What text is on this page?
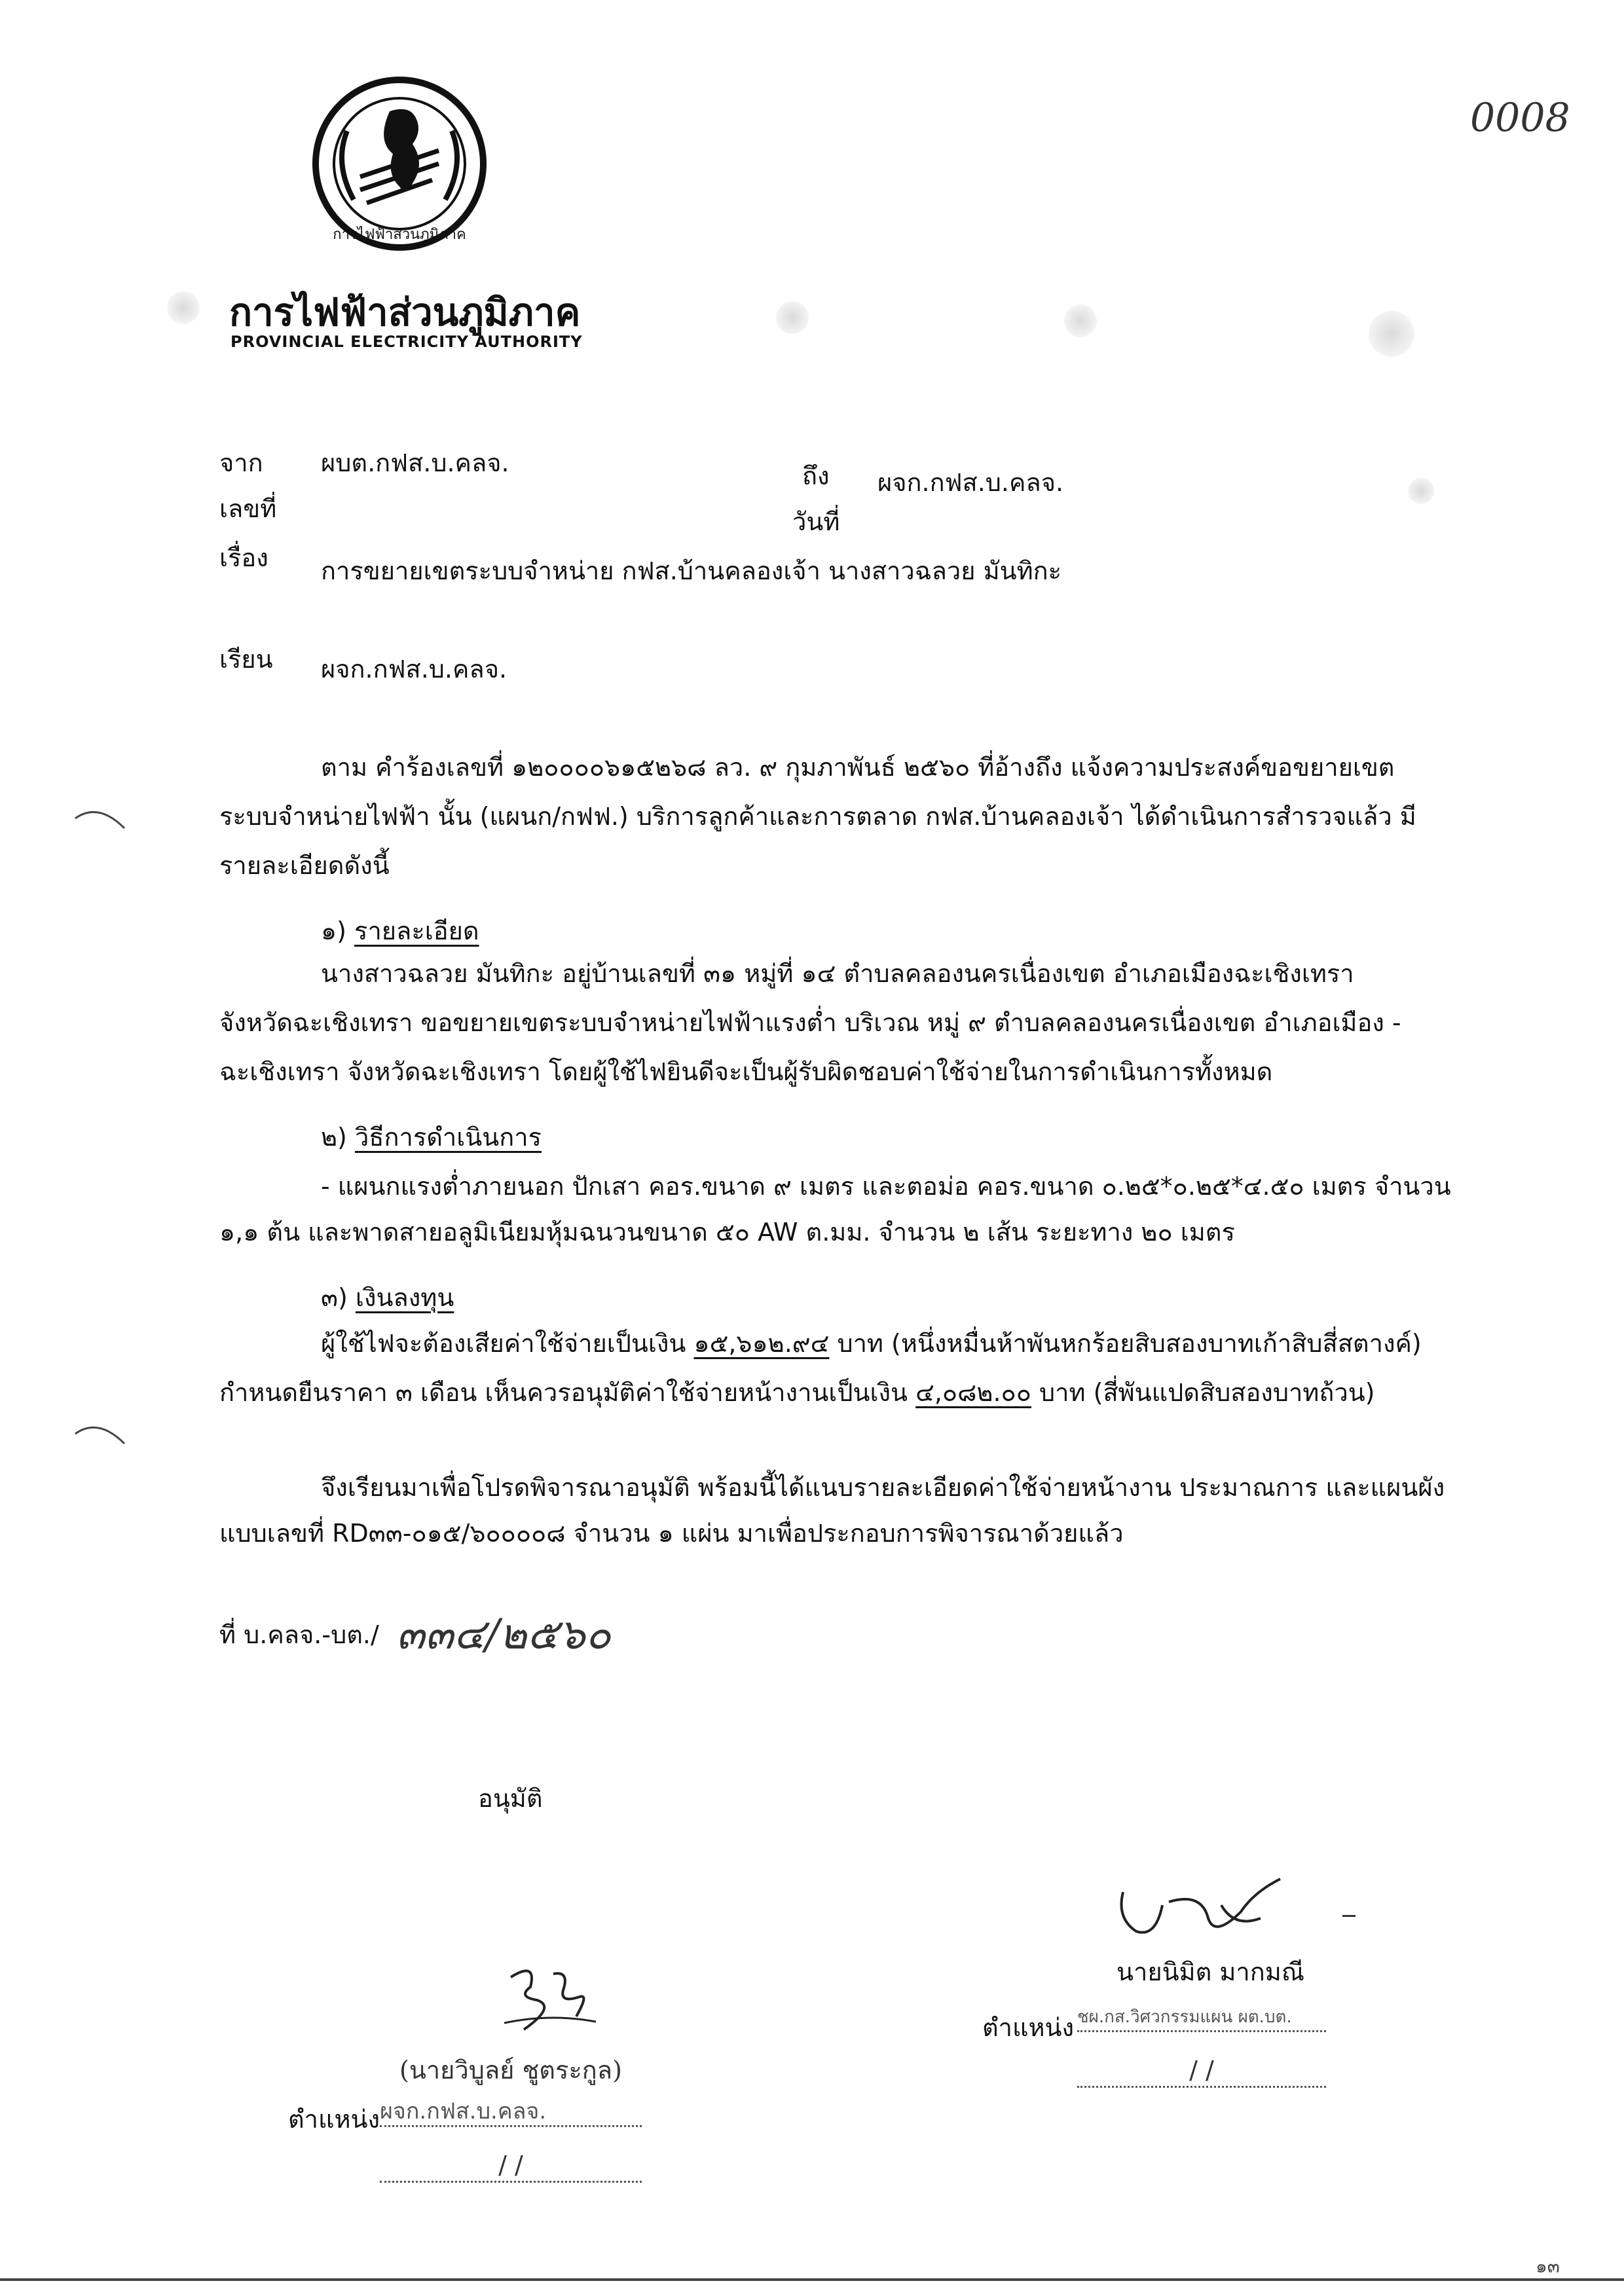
0008
การไฟฟ้าส่วนภูมิภาค
การไฟฟ้าส่วนภูมิภาค
PROVINCIAL ELECTRICITY AUTHORITY
จาก ผบต.กฟส.บ.คลจ.	ถึง ผจก.กฟส.บ.คลจ.
เลขที่	วันที่
เรื่อง การขยายเขตระบบจำหน่าย กฟส.บ้านคลองเจ้า นางสาวฉลวย มันทิกะ
เรียน ผจก.กฟส.บ.คลจ.
ตาม คำร้องเลขที่ ๑๒๐๐๐๐๖๑๕๒๖๘ ลว. ๙ กุมภาพันธ์ ๒๕๖๐ ที่อ้างถึง แจ้งความประสงค์ขอขยายเขต
ระบบจำหน่ายไฟฟ้า นั้น (แผนก/กฟฟ.) บริการลูกค้าและการตลาด กฟส.บ้านคลองเจ้า ได้ดำเนินการสำรวจแล้ว มี
รายละเอียดดังนี้
๑) รายละเอียด
นางสาวฉลวย มันทิกะ อยู่บ้านเลขที่ ๓๑ หมู่ที่ ๑๔ ตำบลคลองนครเนื่องเขต อำเภอเมืองฉะเชิงเทรา
จังหวัดฉะเชิงเทรา ขอขยายเขตระบบจำหน่ายไฟฟ้าแรงต่ำ บริเวณ หมู่ ๙ ตำบลคลองนครเนื่องเขต อำเภอเมือง -
ฉะเชิงเทรา จังหวัดฉะเชิงเทรา โดยผู้ใช้ไฟยินดีจะเป็นผู้รับผิดชอบค่าใช้จ่ายในการดำเนินการทั้งหมด
๒) วิธีการดำเนินการ
- แผนกแรงต่ำภายนอก ปักเสา คอร.ขนาด ๙ เมตร และตอม่อ คอร.ขนาด ๐.๒๕*๐.๒๕*๔.๕๐ เมตร จำนวน
๑,๑ ต้น และพาดสายอลูมิเนียมหุ้มฉนวนขนาด ๕๐ AW ต.มม. จำนวน ๒ เส้น ระยะทาง ๒๐ เมตร
๓) เงินลงทุน
ผู้ใช้ไฟจะต้องเสียค่าใช้จ่ายเป็นเงิน ๑๕,๖๑๒.๙๔ บาท (หนึ่งหมื่นห้าพันหกร้อยสิบสองบาทเก้าสิบสี่สตางค์)
กำหนดยืนราคา ๓ เดือน เห็นควรอนุมัติค่าใช้จ่ายหน้างานเป็นเงิน ๔,๐๘๒.๐๐ บาท (สี่พันแปดสิบสองบาทถ้วน)
จึงเรียนมาเพื่อโปรดพิจารณาอนุมัติ พร้อมนี้ได้แนบรายละเอียดค่าใช้จ่ายหน้างาน ประมาณการ และแผนผัง
แบบเลขที่ RD๓๓-๐๑๕/๖๐๐๐๐๘ จำนวน ๑ แผ่น มาเพื่อประกอบการพิจารณาด้วยแล้ว
ที่ บ.คลจ.-บต./ ๓๓๔/๒๕๖๐
อนุมัติ
(นายวิบูลย์ ชูตระกูล)
ตำแหน่ง ผจก.กฟส.บ.คลจ.
/ /
นายนิมิต มากมณี
ตำแหน่ง ชผ.กส.วิศวกรรมแผน ผต.บต.
/ /
๑๓
